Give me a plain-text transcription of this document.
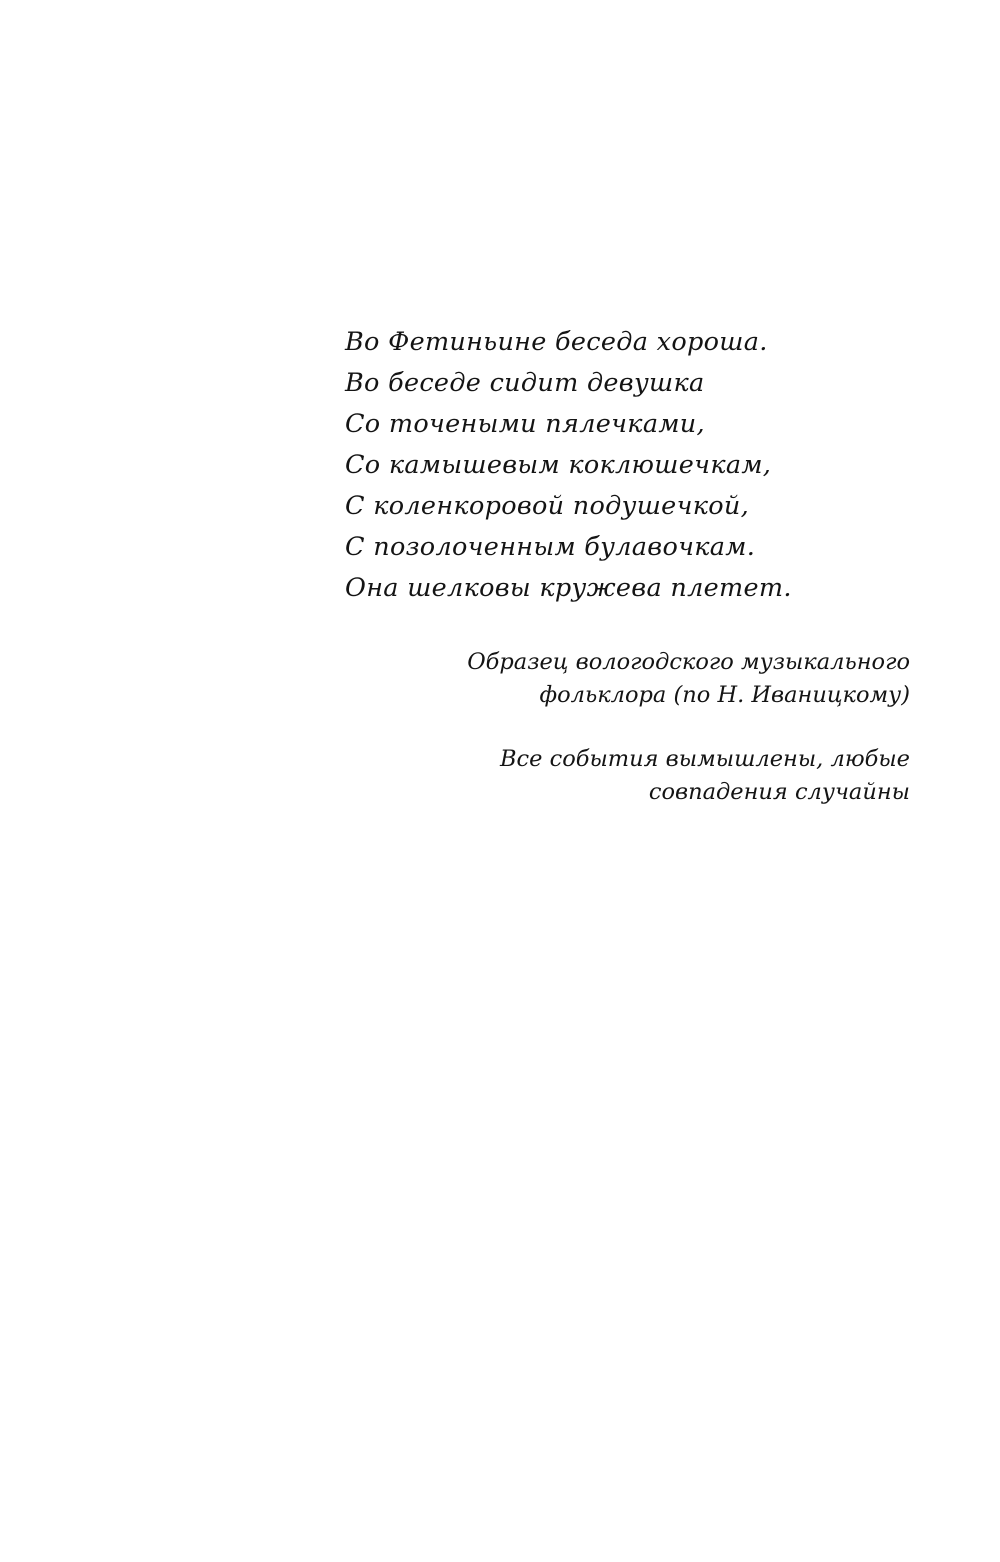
Во Фетиньине беседа хороша.
Во беседе сидит девушка
Со точеными пялечками,
Со камышевым коклюшечкам,
С коленкоровой подушечкой,
С позолоченным булавочкам.
Она шелковы кружева плетет.
Образец вологодского музыкального
фольклора (по Н. Иваницкому)
Все события вымышлены, любые
совпадения случайны
